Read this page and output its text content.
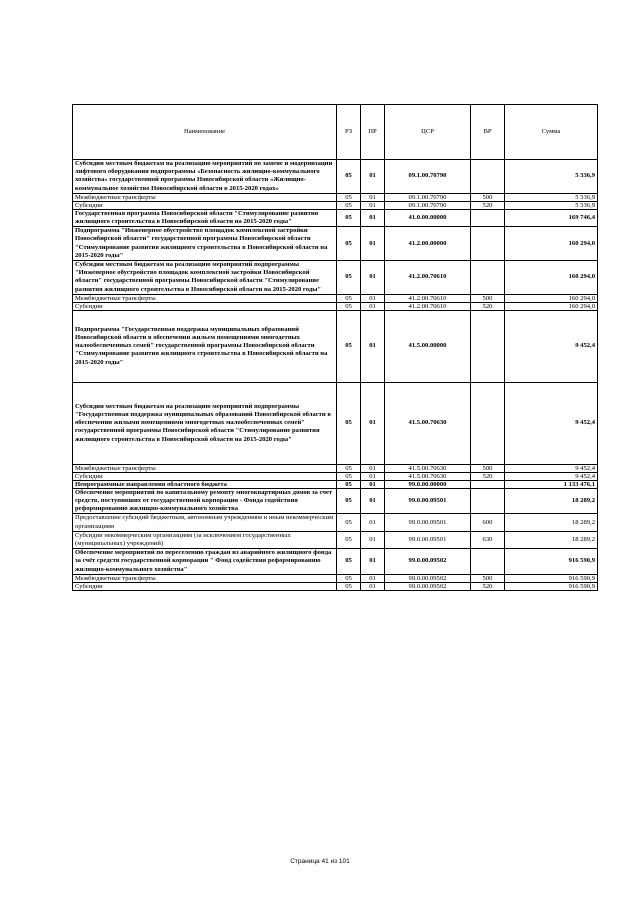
Наименование	РЗ	ПР	ЦСР	ВР	Сумма
Субсидии местным бюджетам на реализацию мероприятий по замене и модернизации лифтового оборудования подпрограммы «Безопасность жилищно-коммунального хозяйства» государственной программы Новосибирской области «Жилищно-коммунальное хозяйство Новосибирской области в 2015-2020 годах»	05	01	09.1.00.70790		5 336,9
Межбюджетные трансферты	05	01	09.1.00.70790	500	5 336,9
Субсидии	05	01	09.1.00.70790	520	5 336,9
Государственная программа Новосибирской области "Стимулирование развития жилищного строительства в Новосибирской области на 2015-2020 годы"	05	01	41.0.00.00000		169 746,4
Подпрограмма "Инженерное обустройство площадок комплексной застройки Новосибирской области" государственной программы Новосибирской области "Стимулирование развития жилищного строительства в Новосибирской области на 2015-2020 годы"	05	01	41.2.00.00000		160 294,0
Субсидии местным бюджетам на реализацию мероприятий подпрограммы "Инженерное обустройство площадок комплексной застройки Новосибирской области" государственной программы Новосибирской области "Стимулирование развития жилищного строительства в Новосибирской области на 2015-2020 годы"	05	01	41.2.00.70610		160 294,0
Межбюджетные трансферты	05	01	41.2.00.70610	500	160 294,0
Субсидии	05	01	41.2.00.70610	520	160 294,0
Подпрограмма "Государственная поддержка муниципальных образований Новосибирской области в обеспечении жильем помещениями многодетных малообеспеченных семей" государственной программы Новосибирской области "Стимулирование развития жилищного строительства в Новосибирской области на 2015-2020 годы"	05	01	41.5.00.00000		9 452,4
Субсидии местным бюджетам на реализацию мероприятий подпрограммы "Государственная поддержка муниципальных образований Новосибирской области в обеспечении жилыми помещениями многодетных малообеспеченных семей" государственной программы Новосибирской области "Стимулирование развития жилищного строительства в Новосибирской области на 2015-2020 годы"	05	01	41.5.00.70630		9 452,4
Межбюджетные трансферты	05	01	41.5.00.70630	500	9 452,4
Субсидии	05	01	41.5.00.70630	520	9 452,4
Непрограммные направления областного бюджета	05	01	99.0.00.00000		1 133 476,1
Обеспечение мероприятий по капитальному ремонту многоквартирных домов за счет средств, поступивших от государственной корпорации - Фонда содействия реформированию жилищно-коммунального хозяйства	05	01	99.0.00.09501		18 289,2
Предоставление субсидий бюджетным, автономным учреждениям и иным некоммерческим организациям	05	01	99.0.00.09501	600	18 289,2
Субсидии некоммерческим организациям (за исключением государственных (муниципальных) учреждений)	05	01	99.0.00.09501	630	18 289,2
Обеспечение мероприятий по переселению граждан из аварийного жилищного фонда за счёт средств государственной корпорации " Фонд содействия реформированию жилищно-коммунального хозяйства"	05	01	99.0.00.09502		916 590,9
Межбюджетные трансферты	05	01	99.0.00.09502	500	916 590,9
Субсидии	05	01	99.0.00.09502	520	916 590,9
Страница 41 из 101
